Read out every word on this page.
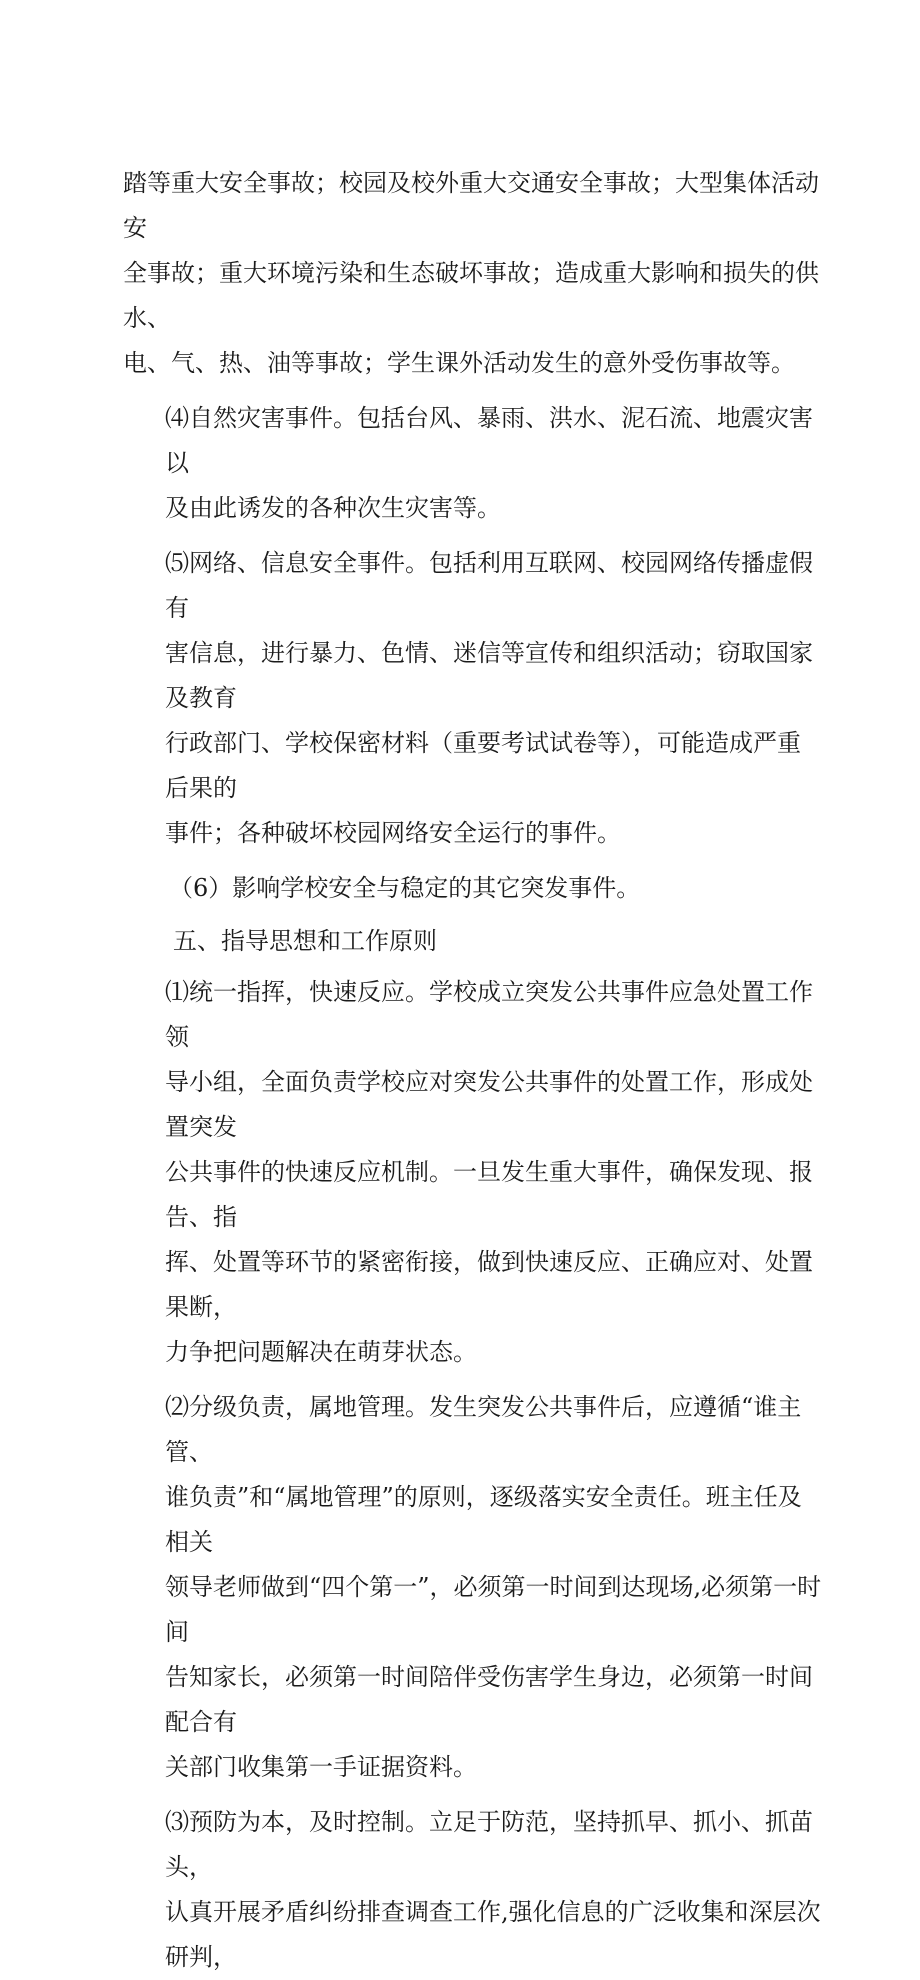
踏等重大安全事故；校园及校外重大交通安全事故；大型集体活动安
全事故；重大环境污染和生态破坏事故；造成重大影响和损失的供水、
电、气、热、油等事故；学生课外活动发生的意外受伤事故等。

⑷自然灾害事件。包括台风、暴雨、洪水、泥石流、地震灾害以
及由此诱发的各种次生灾害等。

⑸网络、信息安全事件。包括利用互联网、校园网络传播虚假有
害信息，进行暴力、色情、迷信等宣传和组织活动；窃取国家及教育
行政部门、学校保密材料（重要考试试卷等），可能造成严重后果的
事件；各种破坏校园网络安全运行的事件。

（6）影响学校安全与稳定的其它突发事件。

五、指导思想和工作原则

⑴统一指挥，快速反应。学校成立突发公共事件应急处置工作领
导小组，全面负责学校应对突发公共事件的处置工作，形成处置突发
公共事件的快速反应机制。一旦发生重大事件，确保发现、报告、指
挥、处置等环节的紧密衔接，做到快速反应、正确应对、处置果断，
力争把问题解决在萌芽状态。

⑵分级负责，属地管理。发生突发公共事件后，应遵循“谁主管、
谁负责”和“属地管理”的原则，逐级落实安全责任。班主任及相关
领导老师做到“四个第一”，必须第一时间到达现场,必须第一时间
告知家长，必须第一时间陪伴受伤害学生身边，必须第一时间配合有
关部门收集第一手证据资料。

⑶预防为本，及时控制。立足于防范，坚持抓早、抓小、抓苗头，
认真开展矛盾纠纷排查调查工作,强化信息的广泛收集和深层次研判，
